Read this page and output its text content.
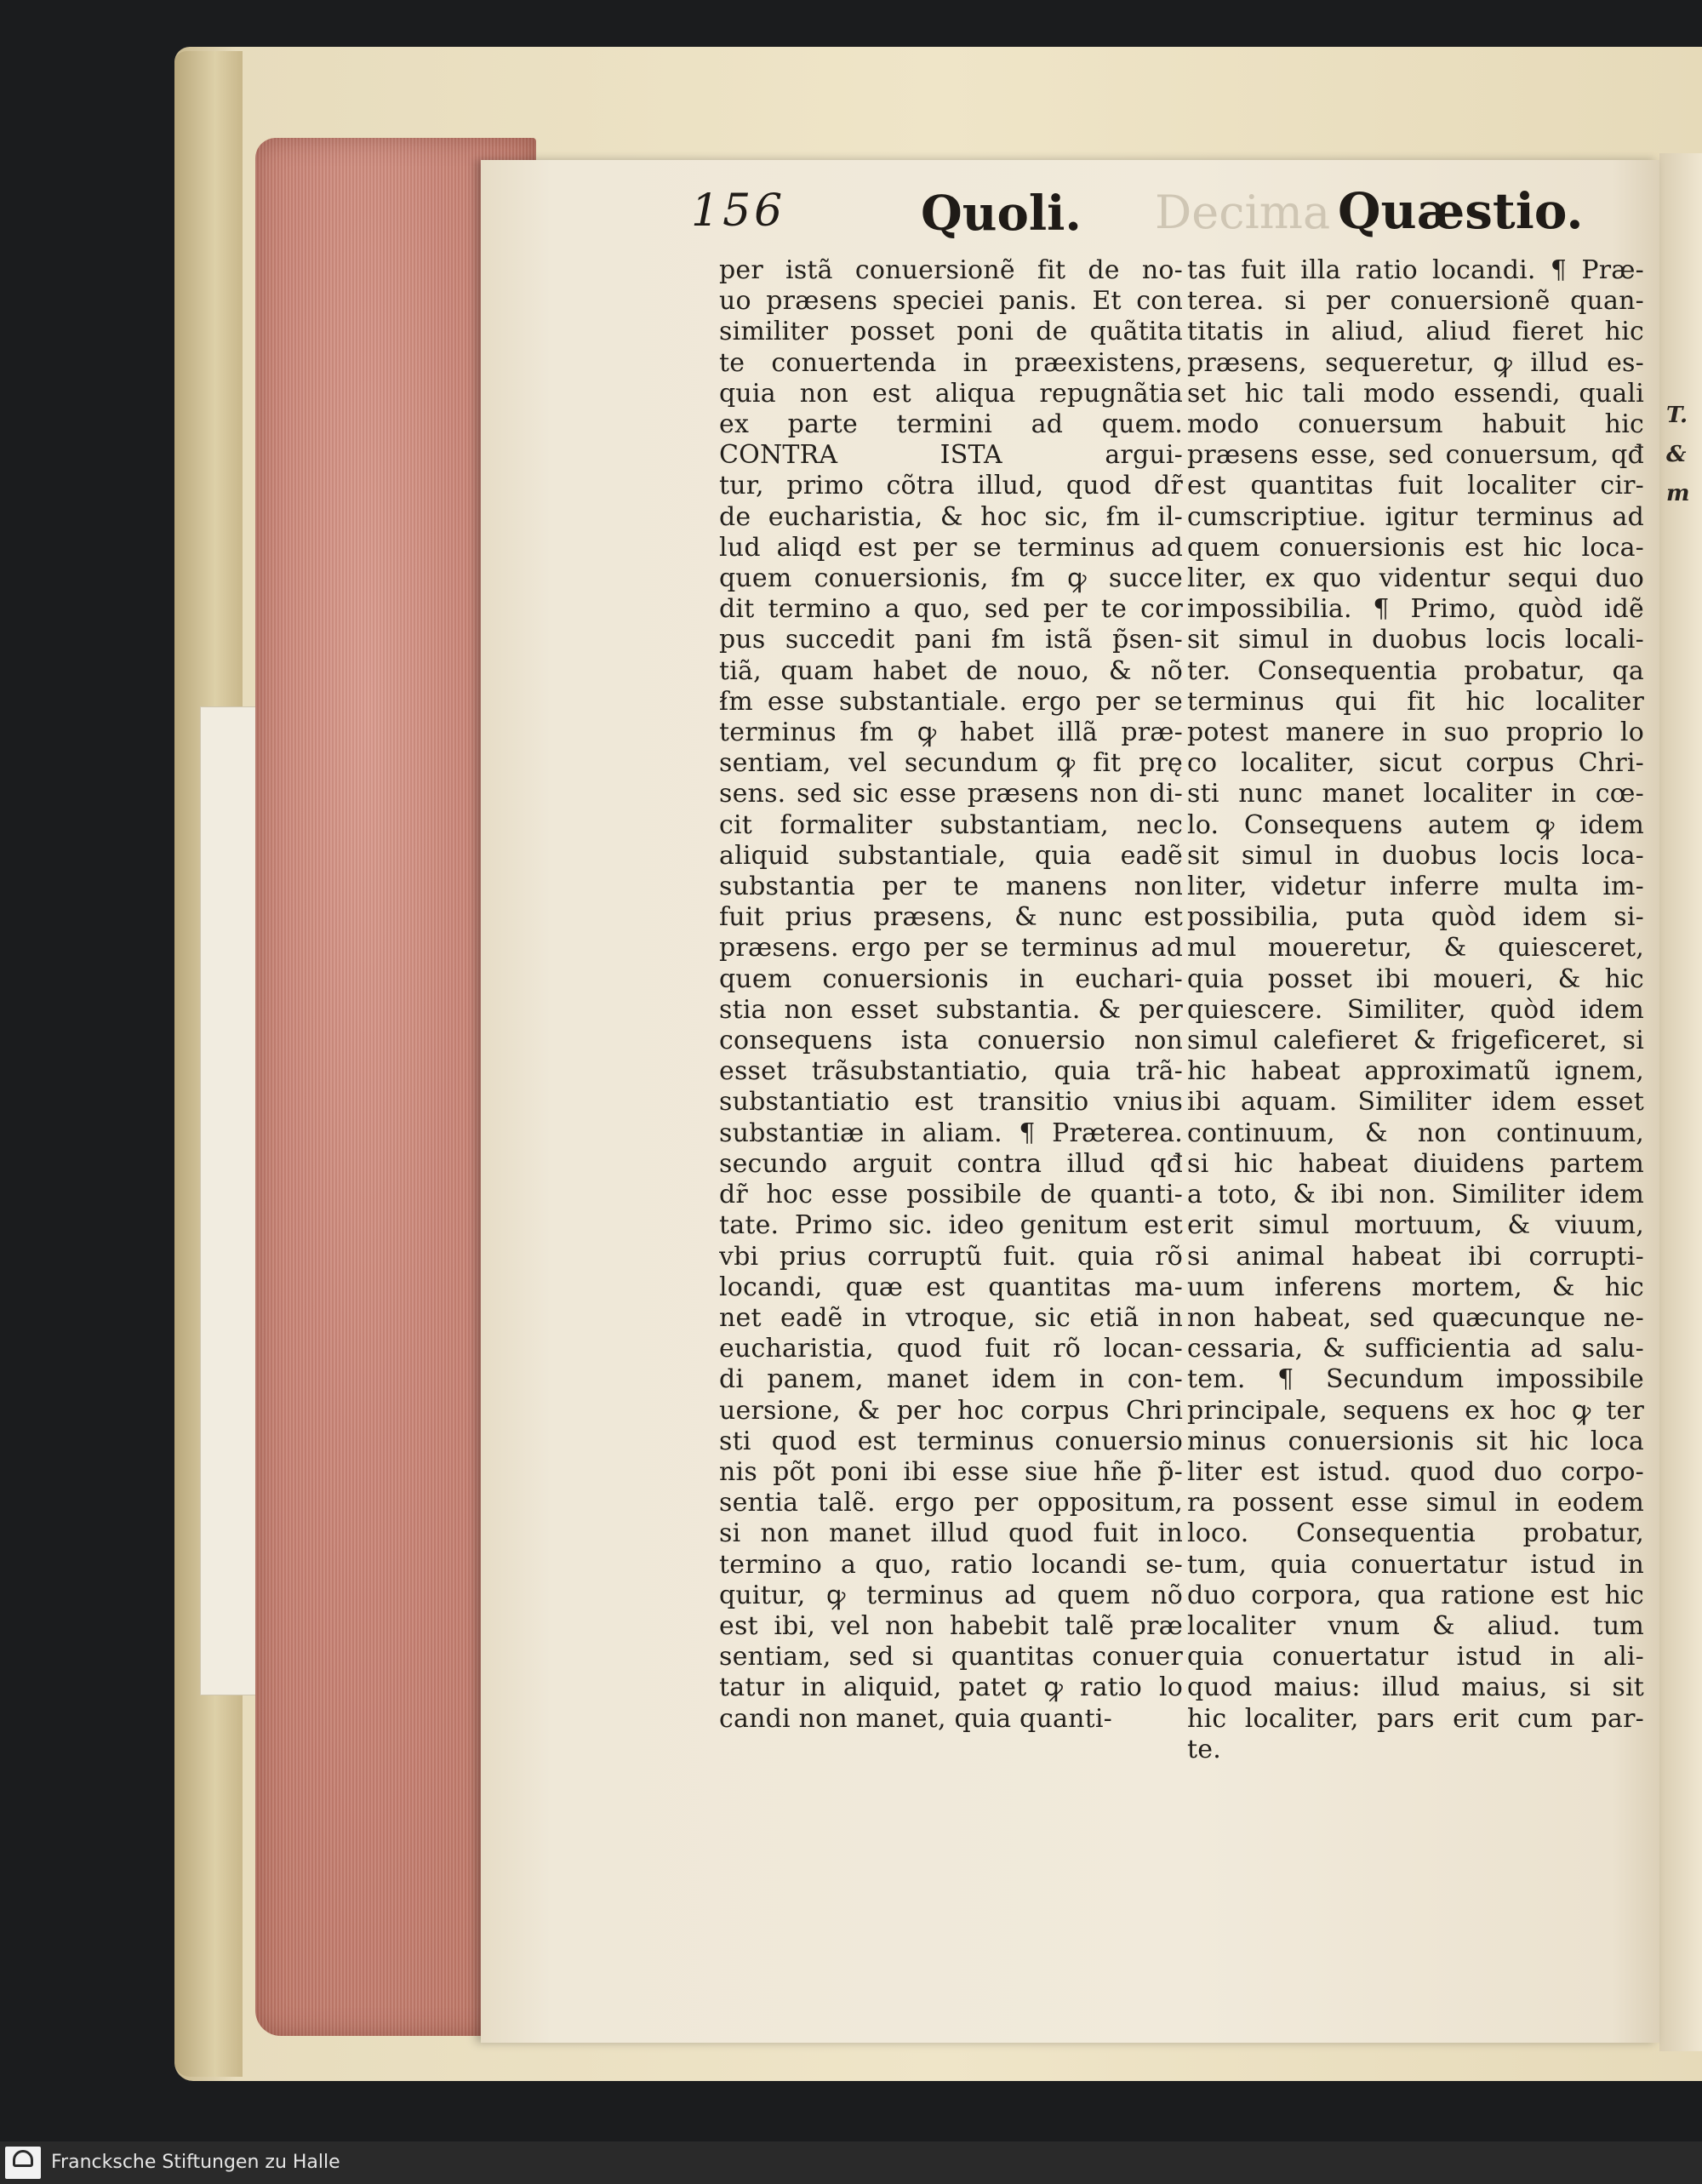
T.
&
m
156	Quoli. Decima Quæstio.
per istã conuersionẽ fit de no-
uo præsens speciei panis. Et con
similiter posset poni de quãtita
te conuertenda in præexistens,
quia non est aliqua repugnãtia
ex parte termini ad quem.
CONTRA ISTA argui-
tur, primo cõtra illud, quod dr̃
de eucharistia, & hoc sic, ẜm il-
lud aliqd est per se terminus ad
quem conuersionis, ẜm ꝙ succe
dit termino a quo, sed per te cor
pus succedit pani ẜm istã p̃sen-
tiã, quam habet de nouo, & nõ
ẜm esse substantiale. ergo per se
terminus ẜm ꝙ habet illã præ-
sentiam, vel secundum ꝙ fit prę
sens. sed sic esse præsens non di-
cit formaliter substantiam, nec
aliquid substantiale, quia eadẽ
substantia per te manens non
fuit prius præsens, & nunc est
præsens. ergo per se terminus ad
quem conuersionis in euchari-
stia non esset substantia. & per
consequens ista conuersio non
esset trãsubstantiatio, quia trã-
substantiatio est transitio vnius
substantiæ in aliam. ¶ Præterea.
secundo arguit contra illud qđ
dr̃ hoc esse possibile de quanti-
tate. Primo sic. ideo genitum est
vbi prius corruptũ fuit. quia rõ
locandi, quæ est quantitas ma-
net eadẽ in vtroque, sic etiã in
eucharistia, quod fuit rõ locan-
di panem, manet idem in con-
uersione, & per hoc corpus Chri
sti quod est terminus conuersio
nis põt poni ibi esse siue hñe p̃-
sentia talẽ. ergo per oppositum,
si non manet illud quod fuit in
termino a quo, ratio locandi se-
quitur, ꝙ terminus ad quem nõ
est ibi, vel non habebit talẽ præ
sentiam, sed si quantitas conuer
tatur in aliquid, patet ꝙ ratio lo
candi non manet, quia quanti-
tas fuit illa ratio locandi. ¶ Præ-
terea. si per conuersionẽ quan-
titatis in aliud, aliud fieret hic
præsens, sequeretur, ꝙ illud es-
set hic tali modo essendi, quali
modo conuersum habuit hic
præsens esse, sed conuersum, qđ
est quantitas fuit localiter cir-
cumscriptiue. igitur terminus ad
quem conuersionis est hic loca-
liter, ex quo videntur sequi duo
impossibilia. ¶ Primo, quòd idẽ
sit simul in duobus locis locali-
ter. Consequentia probatur, qa
terminus qui fit hic localiter
potest manere in suo proprio lo
co localiter, sicut corpus Chri-
sti nunc manet localiter in cœ-
lo. Consequens autem ꝙ idem
sit simul in duobus locis loca-
liter, videtur inferre multa im-
possibilia, puta quòd idem si-
mul moueretur, & quiesceret,
quia posset ibi moueri, & hic
quiescere. Similiter, quòd idem
simul calefieret & frigeficeret, si
hic habeat approximatũ ignem,
ibi aquam. Similiter idem esset
continuum, & non continuum,
si hic habeat diuidens partem
a toto, & ibi non. Similiter idem
erit simul mortuum, & viuum,
si animal habeat ibi corrupti-
uum inferens mortem, & hic
non habeat, sed quæcunque ne-
cessaria, & sufficientia ad salu-
tem. ¶ Secundum impossibile
principale, sequens ex hoc ꝙ ter
minus conuersionis sit hic loca
liter est istud. quod duo corpo-
ra possent esse simul in eodem
loco. Consequentia probatur,
tum, quia conuertatur istud in
duo corpora, qua ratione est hic
localiter vnum & aliud. tum
quia conuertatur istud in ali-
quod maius: illud maius, si sit
hic localiter, pars erit cum par-
te.
Francksche Stiftungen zu Halle
